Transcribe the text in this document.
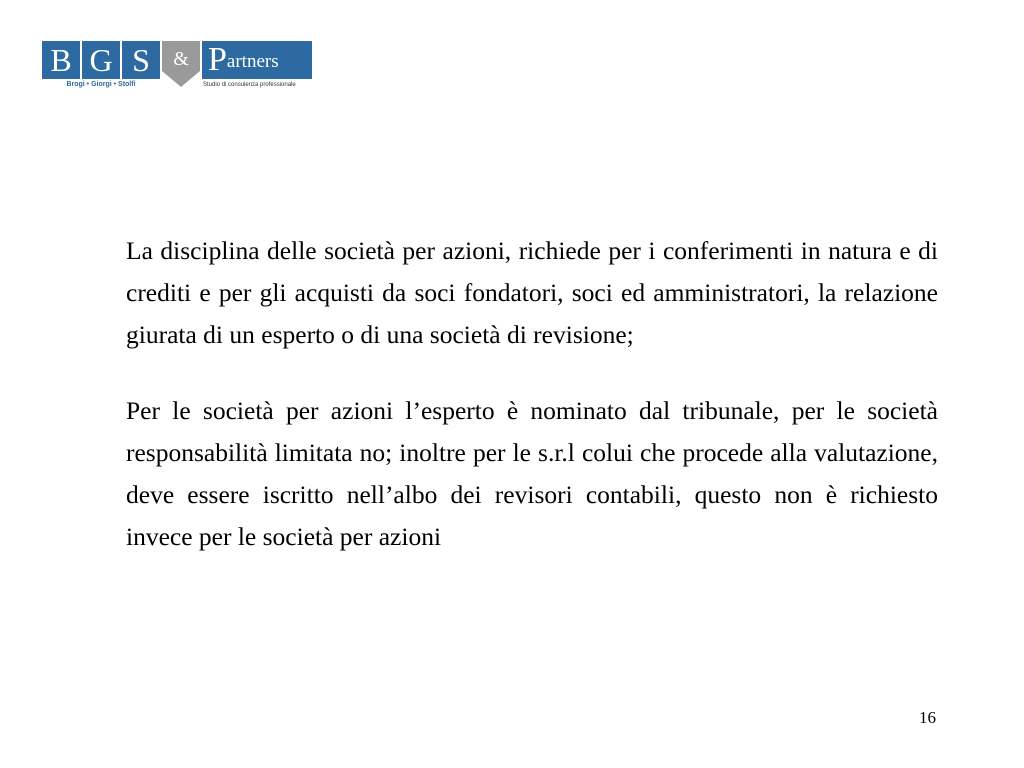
B G S	& P artners
Brogi • Giorgi • Stolfi	Studio di consulenza professionale

La disciplina delle società per azioni, richiede per i conferimenti in natura e di crediti e per gli acquisti da soci fondatori, soci ed amministratori, la relazione giurata di un esperto o di una società di revisione;

Per le società per azioni l’esperto è nominato dal tribunale, per le società responsabilità limitata no; inoltre per le s.r.l colui che procede alla valutazione, deve essere iscritto nell’albo dei revisori contabili, questo non è richiesto invece per le società per azioni

16
